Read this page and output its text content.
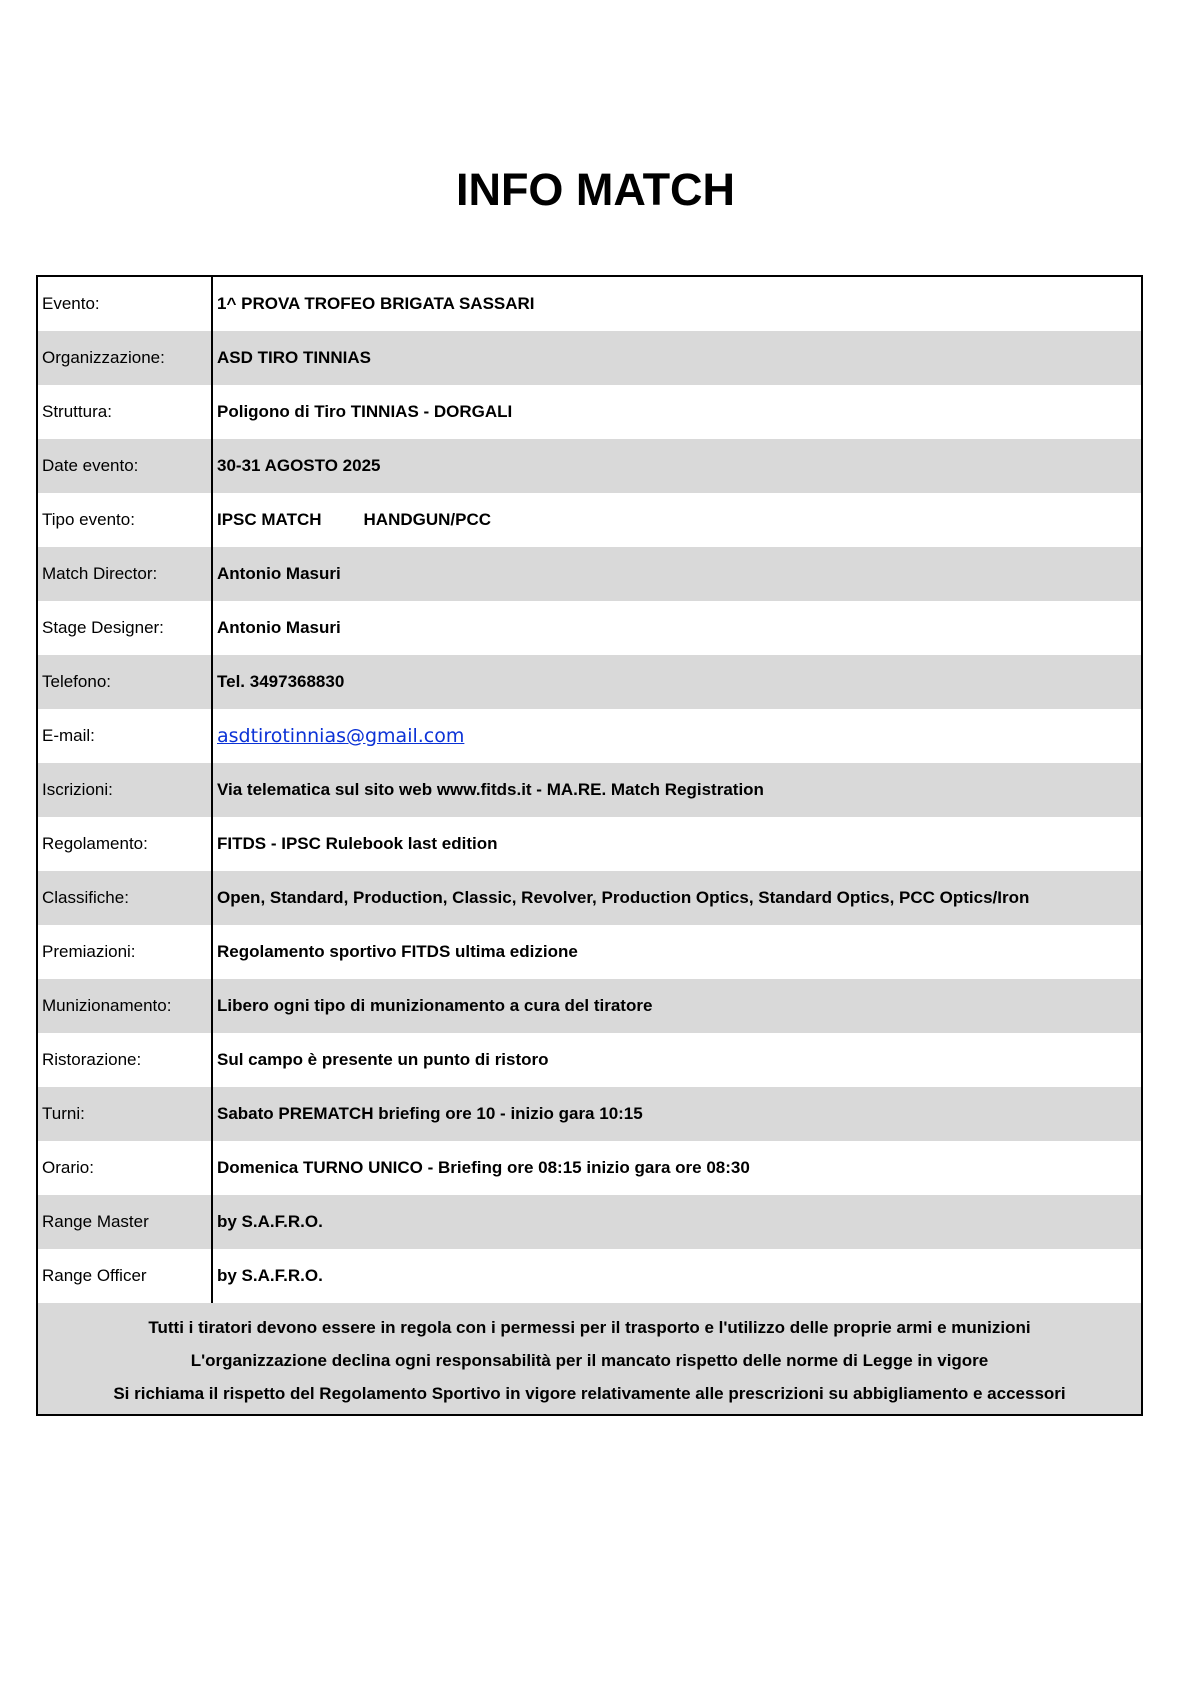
INFO MATCH
Evento:	1^ PROVA TROFEO BRIGATA SASSARI
Organizzazione:	ASD TIRO TINNIAS
Struttura:	Poligono di Tiro TINNIAS - DORGALI
Date evento:	30-31 AGOSTO 2025
Tipo evento:	IPSC MATCH HANDGUN/PCC
Match Director:	Antonio Masuri
Stage Designer:	Antonio Masuri
Telefono:	Tel. 3497368830
E-mail:	asdtirotinnias@gmail.com
Iscrizioni:	Via telematica sul sito web www.fitds.it - MA.RE. Match Registration
Regolamento:	FITDS - IPSC Rulebook last edition
Classifiche:	Open, Standard, Production, Classic, Revolver, Production Optics, Standard Optics, PCC Optics/Iron
Premiazioni:	Regolamento sportivo FITDS ultima edizione
Munizionamento:	Libero ogni tipo di munizionamento a cura del tiratore
Ristorazione:	Sul campo è presente un punto di ristoro
Turni:	Sabato PREMATCH briefing ore 10 - inizio gara 10:15
Orario:	Domenica TURNO UNICO - Briefing ore 08:15 inizio gara ore 08:30
Range Master	by S.A.F.R.O.
Range Officer	by S.A.F.R.O.
Tutti i tiratori devono essere in regola con i permessi per il trasporto e l'utilizzo delle proprie armi e munizioni
L'organizzazione declina ogni responsabilità per il mancato rispetto delle norme di Legge in vigore
Si richiama il rispetto del Regolamento Sportivo in vigore relativamente alle prescrizioni su abbigliamento e accessori
